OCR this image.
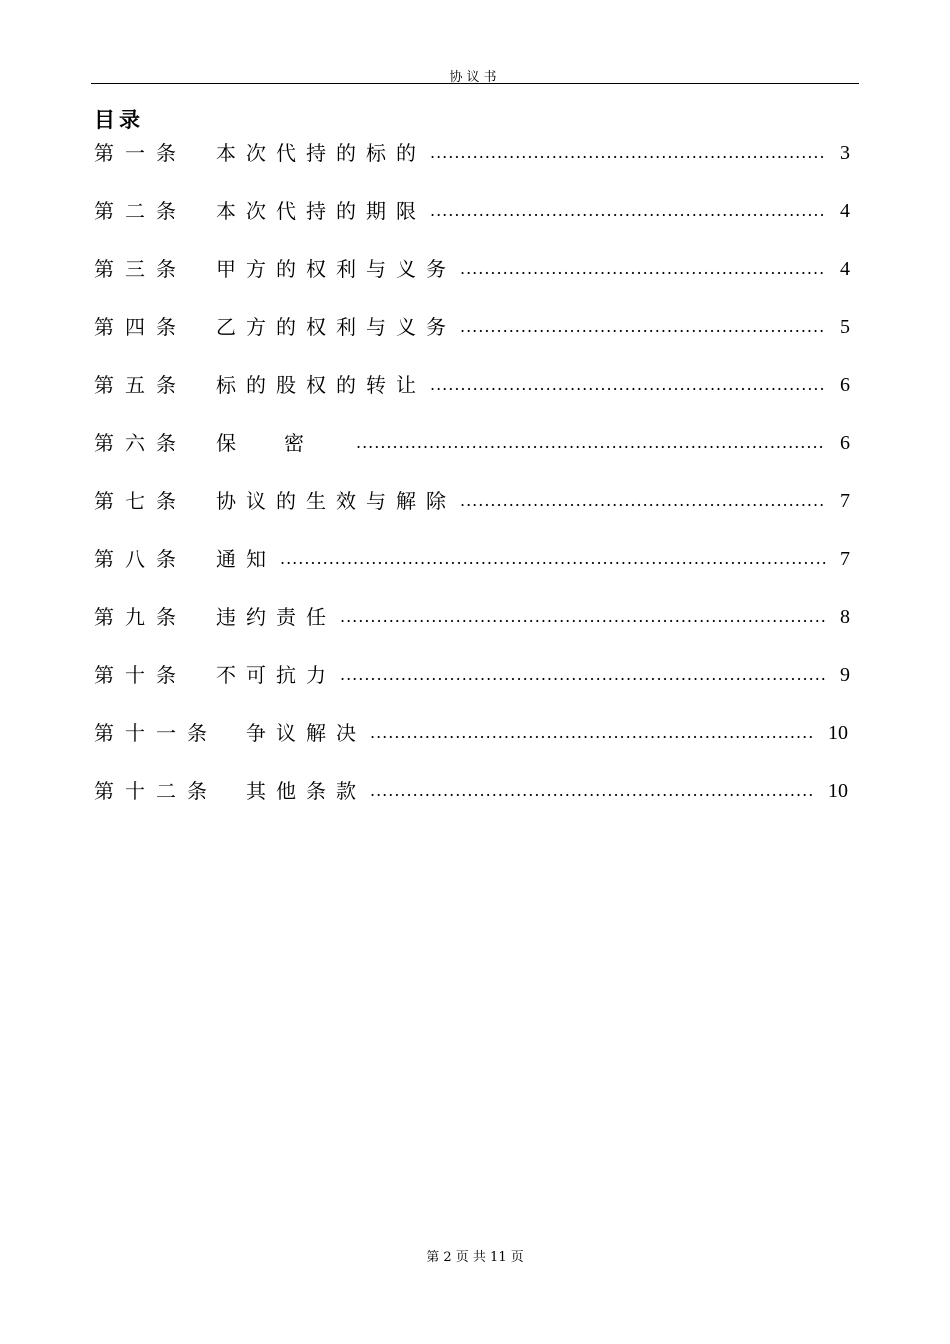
协议书
目录
第一条	本次代持的标的 .....	3
第二条	本次代持的期限 .....	4
第三条	甲方的权利与义务 .....	4
第四条	乙方的权利与义务 .....	5
第五条	标的股权的转让 .....	6
第六条	保密 .....	6
第七条	协议的生效与解除 .....	7
第八条	通知 .....	7
第九条	违约责任 .....	8
第十条	不可抗力 .....	9
第十一条	争议解决 .....	10
第十二条	其他条款 .....	10
第 2 页 共 11 页
